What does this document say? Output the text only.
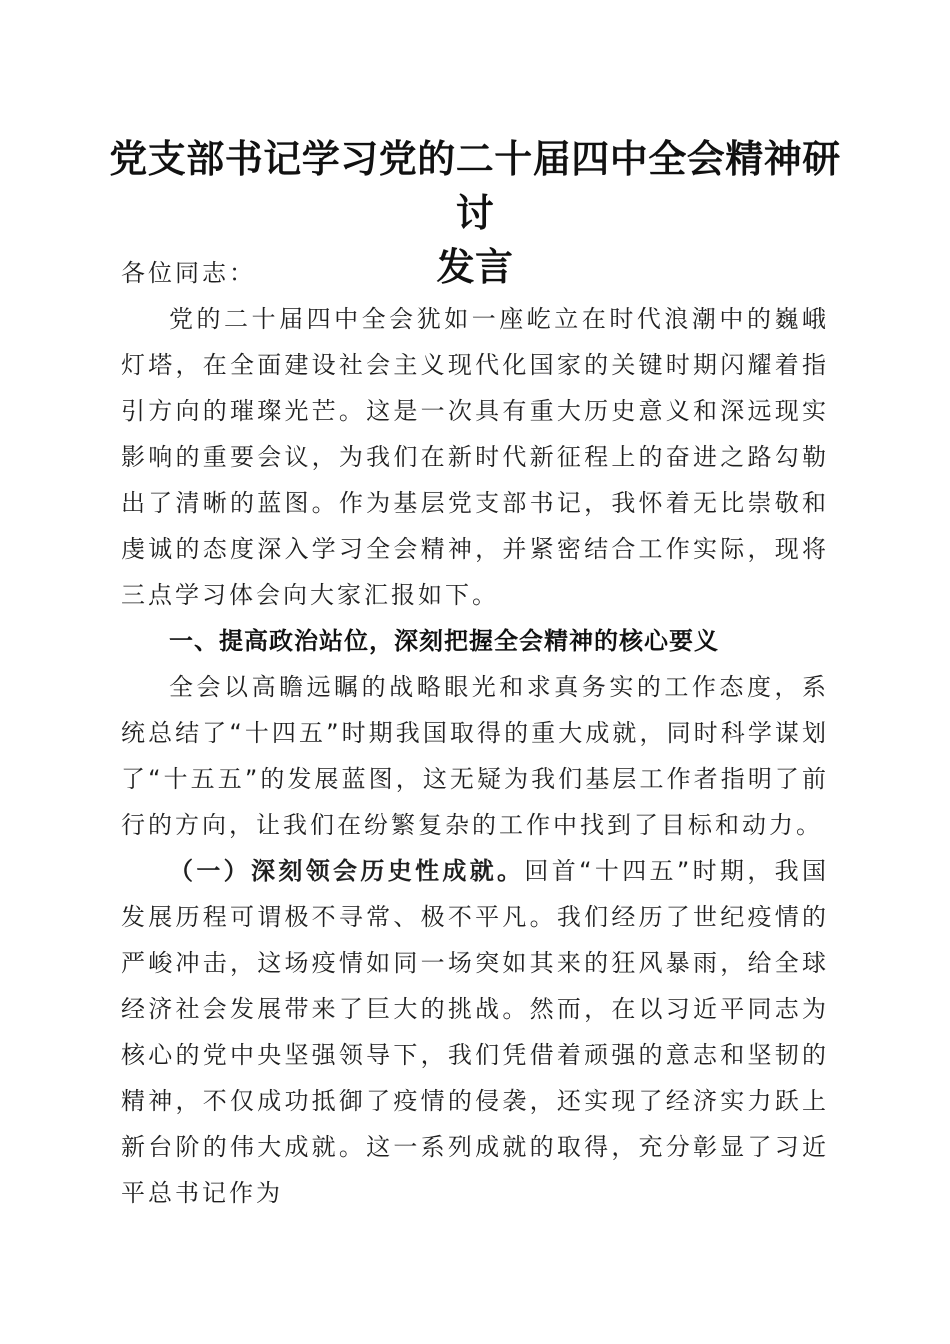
党支部书记学习党的二十届四中全会精神研讨
发言

各位同志：

党的二十届四中全会犹如一座屹立在时代浪潮中的巍峨灯塔，在全面建设社会主义现代化国家的关键时期闪耀着指引方向的璀璨光芒。这是一次具有重大历史意义和深远现实影响的重要会议，为我们在新时代新征程上的奋进之路勾勒出了清晰的蓝图。作为基层党支部书记，我怀着无比崇敬和虔诚的态度深入学习全会精神，并紧密结合工作实际，现将三点学习体会向大家汇报如下。

一、提高政治站位，深刻把握全会精神的核心要义

全会以高瞻远瞩的战略眼光和求真务实的工作态度，系统总结了“十四五”时期我国取得的重大成就，同时科学谋划了“十五五”的发展蓝图，这无疑为我们基层工作者指明了前行的方向，让我们在纷繁复杂的工作中找到了目标和动力。

（一）深刻领会历史性成就。回首“十四五”时期，我国发展历程可谓极不寻常、极不平凡。我们经历了世纪疫情的严峻冲击，这场疫情如同一场突如其来的狂风暴雨，给全球经济社会发展带来了巨大的挑战。然而，在以习近平同志为核心的党中央坚强领导下，我们凭借着顽强的意志和坚韧的精神，不仅成功抵御了疫情的侵袭，还实现了经济实力跃上新台阶的伟大成就。这一系列成就的取得，充分彰显了习近平总书记作为
